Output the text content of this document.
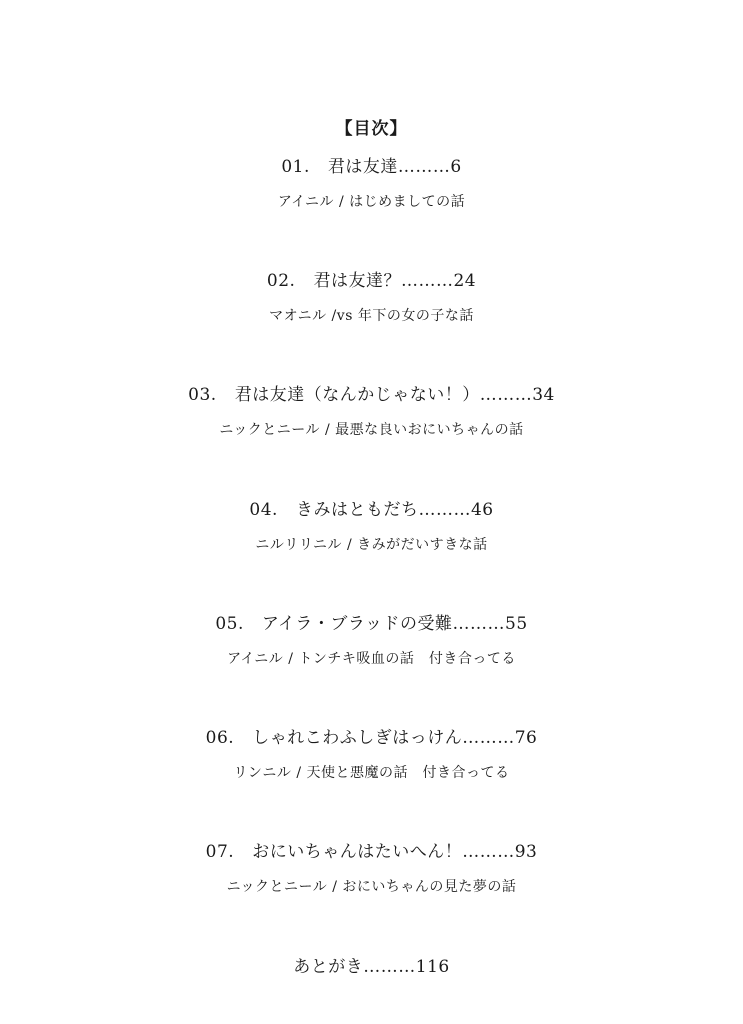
【目次】
01. 君は友達………6
アイニル / はじめましての話
02. 君は友達？………24
マオニル /vs 年下の女の子な話
03. 君は友達（なんかじゃない！）………34
ニックとニール / 最悪な良いおにいちゃんの話
04. きみはともだち………46
ニルリリニル / きみがだいすきな話
05. アイラ・ブラッドの受難………55
アイニル / トンチキ吸血の話　付き合ってる
06. しゃれこわふしぎはっけん………76
リンニル / 天使と悪魔の話　付き合ってる
07. おにいちゃんはたいへん！………93
ニックとニール / おにいちゃんの見た夢の話
あとがき………116
